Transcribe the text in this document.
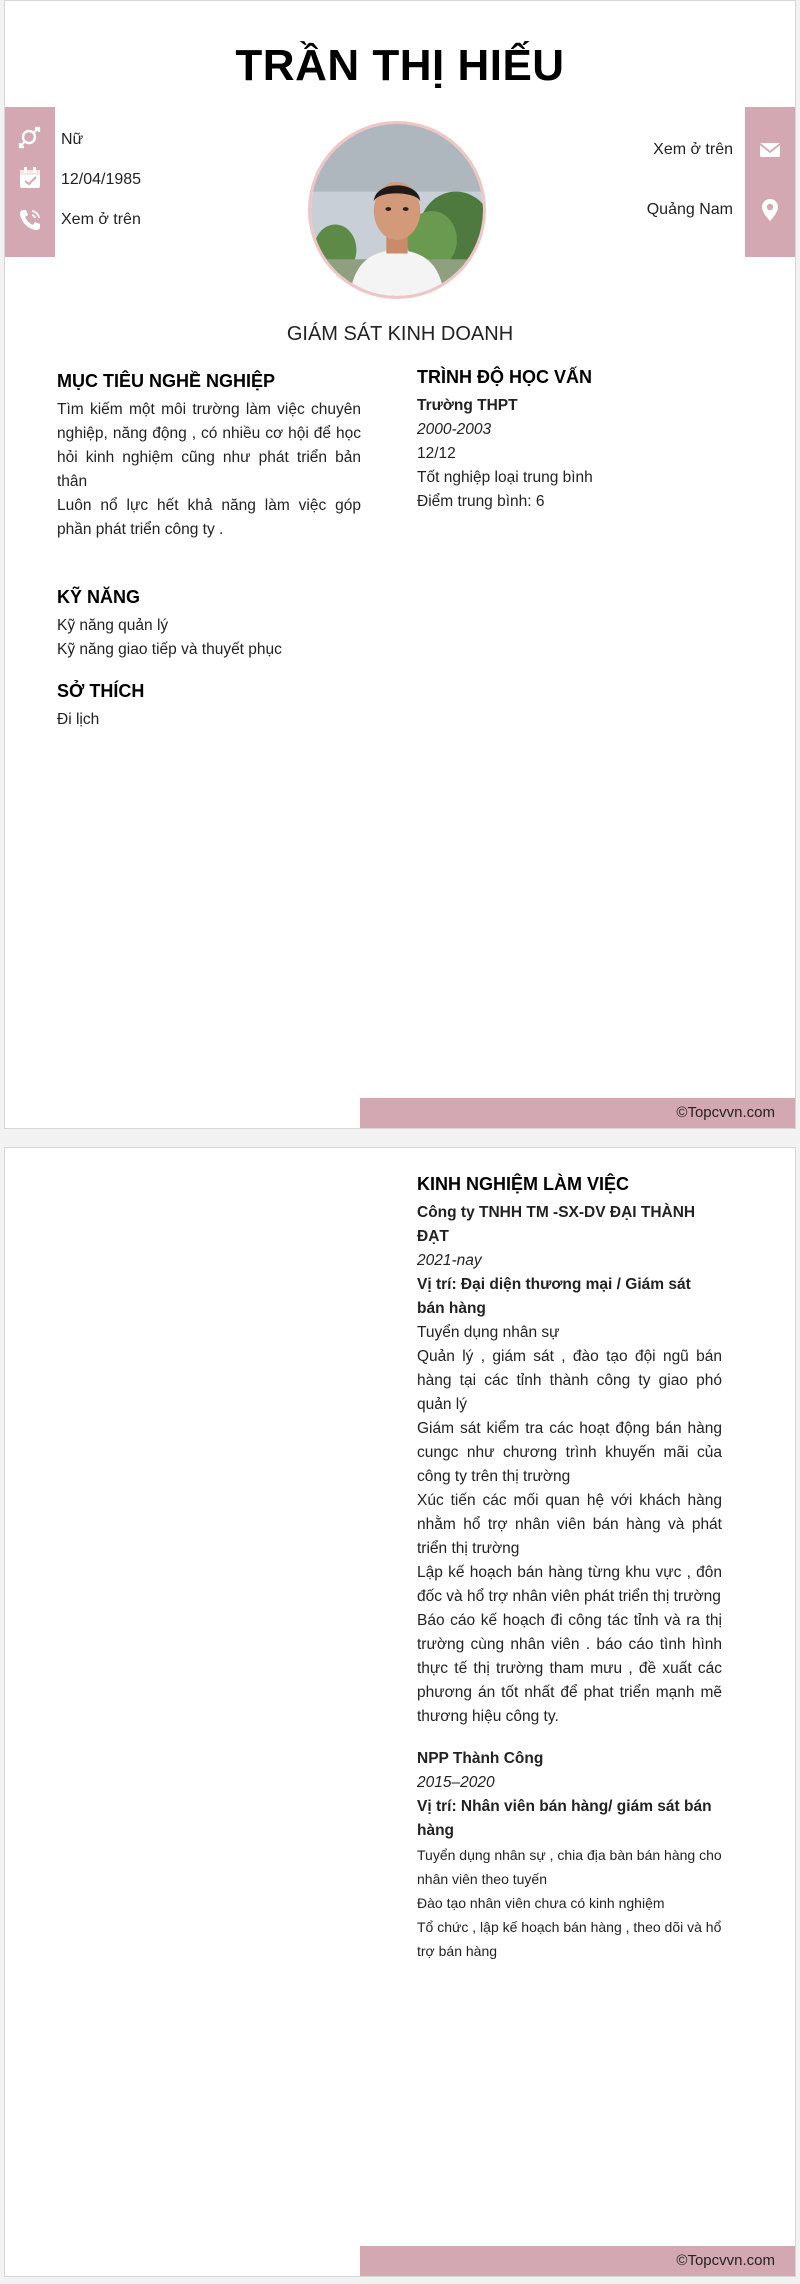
TRẦN THỊ HIẾU
Nữ
12/04/1985
Xem ở trên
Xem ở trên
Quảng Nam
GIÁM SÁT KINH DOANH
MỤC TIÊU NGHỀ NGHIỆP

Tìm kiếm một môi trường làm việc chuyên nghiệp, năng động , có nhiều cơ hội để học hỏi kinh nghiệm cũng như phát triển bản thân

Luôn nổ lực hết khả năng làm việc góp phần phát triển công ty .

KỸ NĂNG

Kỹ năng quản lý

Kỹ năng giao tiếp và thuyết phục

SỞ THÍCH

Đi lịch

TRÌNH ĐỘ HỌC VẤN

Trường THPT

2000-2003

12/12

Tốt nghiệp loại trung bình

Điểm trung bình: 6

©Topcvvn.com
KINH NGHIỆM LÀM VIỆC

Công ty TNHH TM -SX-DV ĐẠI THÀNH ĐẠT

2021-nay

Vị trí: Đại diện thương mại / Giám sát bán hàng

Tuyển dụng nhân sự

Quản lý , giám sát , đào tạo đội ngũ bán hàng tại các tỉnh thành công ty giao phó quản lý

Giám sát kiểm tra các hoạt động bán hàng cungc như chương trình khuyến mãi của công ty trên thị trường

Xúc tiến các mối quan hệ với khách hàng nhằm hổ trợ nhân viên bán hàng và phát triển thị trường

Lập kế hoạch bán hàng từng khu vực , đôn đốc và hổ trợ nhân viên phát triển thị trường

Báo cáo kế hoạch đi công tác tỉnh và ra thị trường cùng nhân viên . báo cáo tình hình thực tế thị trường tham mưu , đề xuất các phương án tốt nhất để phat triển mạnh mẽ thương hiệu công ty.

NPP Thành Công

2015–2020

Vị trí: Nhân viên bán hàng/ giám sát bán hàng

Tuyển dụng nhân sự , chia địa bàn bán hàng cho nhân viên theo tuyến

Đào tạo nhân viên chưa có kinh nghiệm

Tổ chức , lập kế hoạch bán hàng , theo dõi và hổ trợ bán hàng

©Topcvvn.com
